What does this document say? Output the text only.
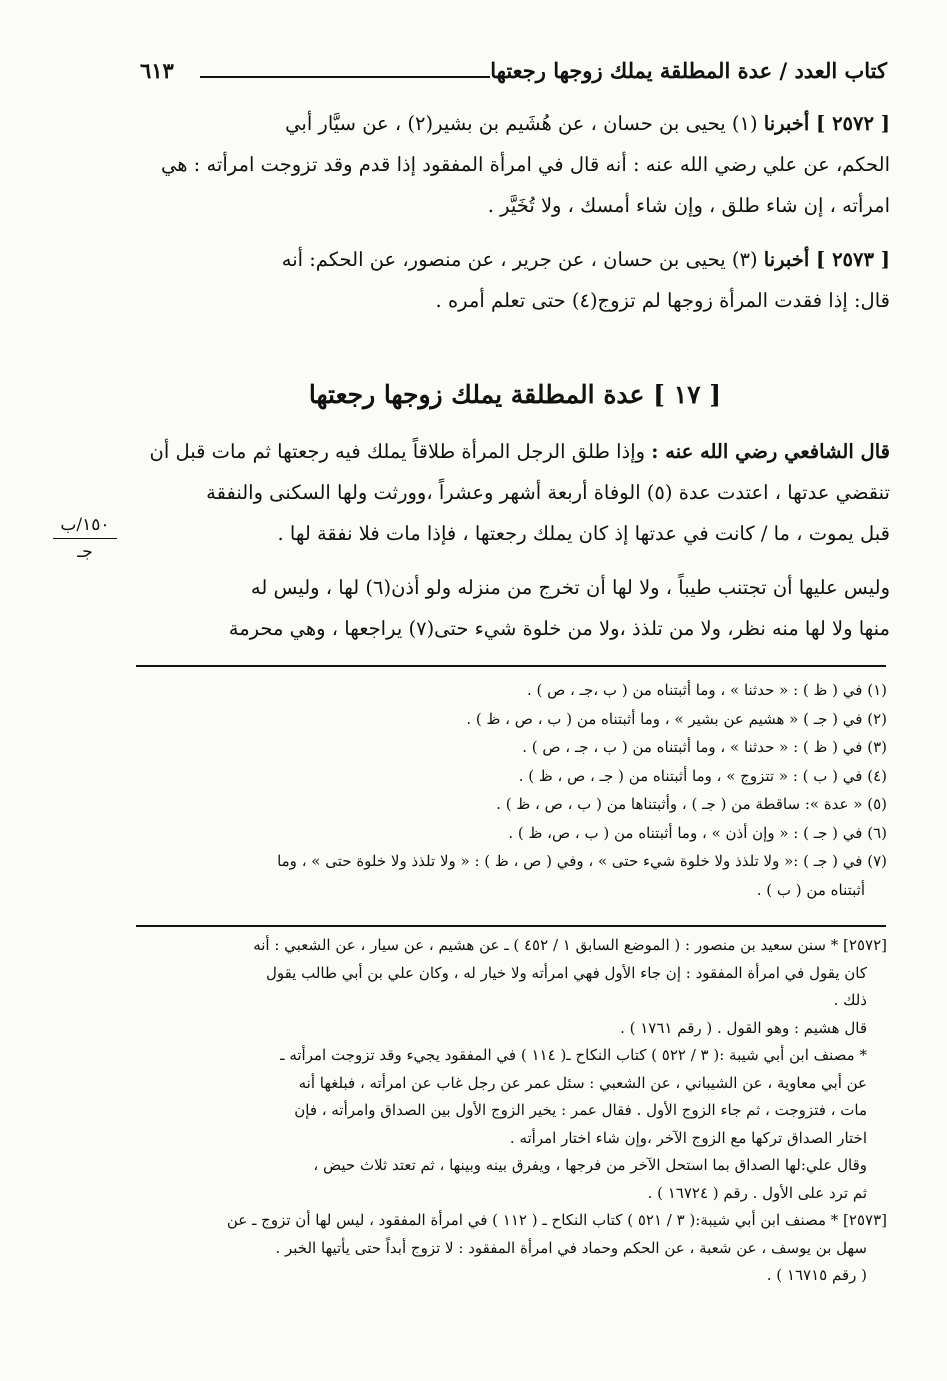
كتاب العدد / عدة المطلقة يملك زوجها رجعتها
٦١٣
[ ٢٥٧٢ ] أخبرنا (١) يحيى بن حسان ، عن هُشَيم بن بشير(٢) ، عن سيَّار أبي
الحكم، عن علي رضي الله عنه : أنه قال في امرأة المفقود إذا قدم وقد تزوجت امرأته : هي
امرأته ، إن شاء طلق ، وإن شاء أمسك ، ولا تُخَيَّر .
[ ٢٥٧٣ ] أخبرنا (٣) يحيى بن حسان ، عن جرير ، عن منصور، عن الحكم: أنه
قال: إذا فقدت المرأة زوجها لم تزوج(٤) حتى تعلم أمره .
[ ١٧ ] عدة المطلقة يملك زوجها رجعتها
قال الشافعي رضي الله عنه : وإذا طلق الرجل المرأة طلاقاً يملك فيه رجعتها ثم مات قبل أن
تنقضي عدتها ، اعتدت عدة (٥) الوفاة أربعة أشهر وعشراً ،وورثت ولها السكنى والنفقة
قبل يموت ، ما / كانت في عدتها إذ كان يملك رجعتها ، فإذا مات فلا نفقة لها .
وليس عليها أن تجتنب طيباً ، ولا لها أن تخرج من منزله ولو أذن(٦) لها ، وليس له
منها ولا لها منه نظر، ولا من تلذذ ،ولا من خلوة شيء حتى(٧) يراجعها ، وهي محرمة
١٥٠/ب
جـ
(١) في ( ظ ) : « حدثنا » ، وما أثبتناه من ( ب ،جـ ، ص ) .
(٢) في ( جـ ) « هشيم عن بشير » ، وما أثبتناه من ( ب ، ص ، ظ ) .
(٣) في ( ظ ) : « حدثنا » ، وما أثبتناه من ( ب ، جـ ، ص ) .
(٤) في ( ب ) : « تتزوج » ، وما أثبتناه من ( جـ ، ص ، ظ ) .
(٥) « عدة »: ساقطة من ( جـ ) ، وأثبتناها من ( ب ، ص ، ظ ) .
(٦) في ( جـ ) : « وإن أذن » ، وما أثبتناه من ( ب ، ص، ظ ) .
(٧) في ( جـ ) :« ولا تلذذ ولا خلوة شيء حتى » ، وفي ( ص ، ظ ) : « ولا تلذذ ولا خلوة حتى » ، وما
أثبتناه من ( ب ) .
[٢٥٧٢] * سنن سعيد بن منصور : ( الموضع السابق ١ / ٤٥٢ ) ـ عن هشيم ، عن سيار ، عن الشعبي : أنه
كان يقول في امرأة المفقود : إن جاء الأول فهي امرأته ولا خيار له ، وكان علي بن أبي طالب يقول
ذلك .
قال هشيم : وهو القول . ( رقم ١٧٦١ ) .
* مصنف ابن أبي شيبة :( ٣ / ٥٢٢ ) كتاب النكاح ـ( ١١٤ ) في المفقود يجيء وقد تزوجت امرأته ـ
عن أبي معاوية ، عن الشيباني ، عن الشعبي : سئل عمر عن رجل غاب عن امرأته ، فبلغها أنه
مات ، فتزوجت ، ثم جاء الزوج الأول . فقال عمر : يخير الزوج الأول بين الصداق وامرأته ، فإن
اختار الصداق تركها مع الزوج الآخر ،وإن شاء اختار امرأته .
وقال علي:لها الصداق بما استحل الآخر من فرجها ، ويفرق بينه وبينها ، ثم تعتد ثلاث حيض ،
ثم ترد على الأول . رقم ( ١٦٧٢٤ ) .
[٢٥٧٣] * مصنف ابن أبي شيبة:( ٣ / ٥٢١ ) كتاب النكاح ـ ( ١١٢ ) في امرأة المفقود ، ليس لها أن تزوج ـ عن
سهل بن يوسف ، عن شعبة ، عن الحكم وحماد في امرأة المفقود : لا تزوج أبداً حتى يأتيها الخبر .
( رقم ١٦٧١٥ ) .
